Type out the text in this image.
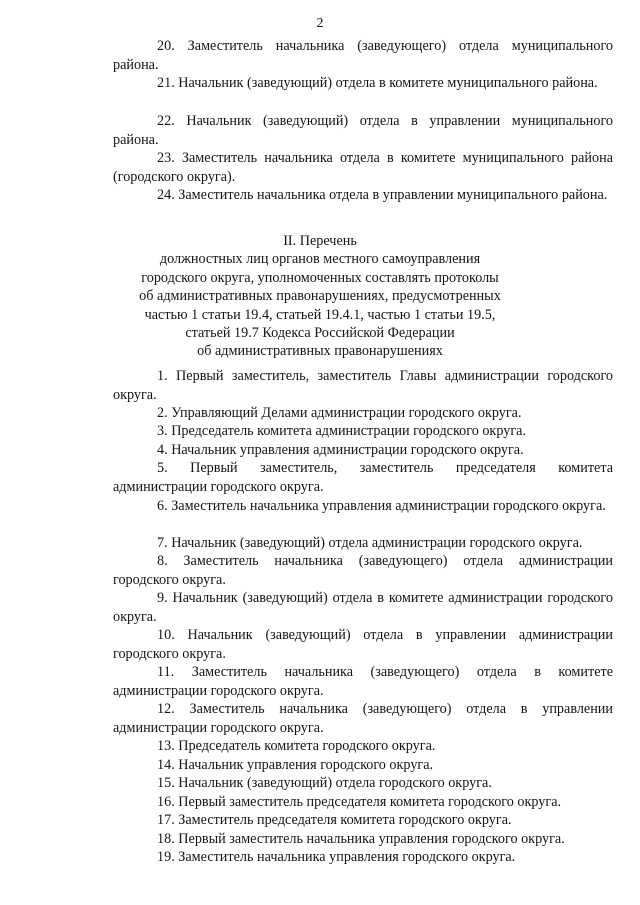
2
20. Заместитель начальника (заведующего) отдела муниципального района.
21. Начальник (заведующий) отдела в комитете муниципального района.
22. Начальник (заведующий) отдела в управлении муниципального района.
23. Заместитель начальника отдела в комитете муниципального района (городского округа).
24. Заместитель начальника отдела в управлении муниципального района.
II. Перечень
должностных лиц органов местного самоуправления
городского округа, уполномоченных составлять протоколы
об административных правонарушениях, предусмотренных
частью 1 статьи 19.4, статьей 19.4.1, частью 1 статьи 19.5,
статьей 19.7 Кодекса Российской Федерации
об административных правонарушениях
1. Первый заместитель, заместитель Главы администрации городского округа.
2. Управляющий Делами администрации городского округа.
3. Председатель комитета администрации городского округа.
4. Начальник управления администрации городского округа.
5. Первый заместитель, заместитель председателя комитета администрации городского округа.
6. Заместитель начальника управления администрации городского округа.
7. Начальник (заведующий) отдела администрации городского округа.
8. Заместитель начальника (заведующего) отдела администрации городского округа.
9. Начальник (заведующий) отдела в комитете администрации городского округа.
10. Начальник (заведующий) отдела в управлении администрации городского округа.
11. Заместитель начальника (заведующего) отдела в комитете администрации городского округа.
12. Заместитель начальника (заведующего) отдела в управлении администрации городского округа.
13. Председатель комитета городского округа.
14. Начальник управления городского округа.
15. Начальник (заведующий) отдела городского округа.
16. Первый заместитель председателя комитета городского округа.
17. Заместитель председателя комитета городского округа.
18. Первый заместитель начальника управления городского округа.
19. Заместитель начальника управления городского округа.
